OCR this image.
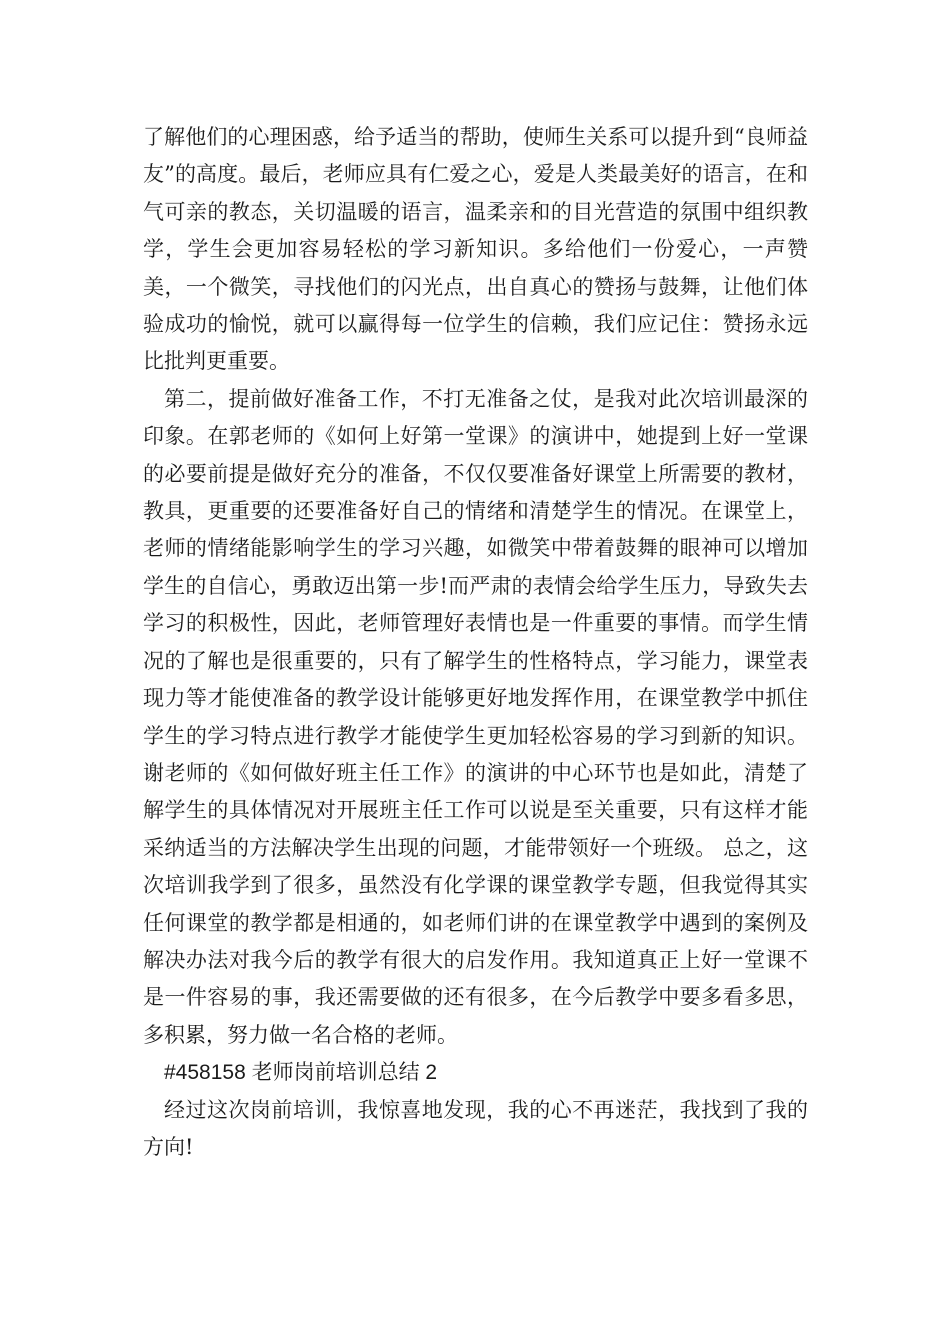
了解他们的心理困惑，给予适当的帮助，使师生关系可以提升到“良师益友”的高度。最后，老师应具有仁爱之心，爱是人类最美好的语言，在和气可亲的教态，关切温暖的语言，温柔亲和的目光营造的氛围中组织教学，学生会更加容易轻松的学习新知识。多给他们一份爱心，一声赞美，一个微笑，寻找他们的闪光点，出自真心的赞扬与鼓舞，让他们体验成功的愉悦，就可以赢得每一位学生的信赖，我们应记住：赞扬永远比批判更重要。

第二，提前做好准备工作，不打无准备之仗，是我对此次培训最深的印象。在郭老师的《如何上好第一堂课》的演讲中，她提到上好一堂课的必要前提是做好充分的准备，不仅仅要准备好课堂上所需要的教材，教具，更重要的还要准备好自己的情绪和清楚学生的情况。在课堂上，老师的情绪能影响学生的学习兴趣，如微笑中带着鼓舞的眼神可以增加学生的自信心，勇敢迈出第一步!而严肃的表情会给学生压力，导致失去学习的积极性，因此，老师管理好表情也是一件重要的事情。而学生情况的了解也是很重要的，只有了解学生的性格特点，学习能力，课堂表现力等才能使准备的教学设计能够更好地发挥作用，在课堂教学中抓住学生的学习特点进行教学才能使学生更加轻松容易的学习到新的知识。谢老师的《如何做好班主任工作》的演讲的中心环节也是如此，清楚了解学生的具体情况对开展班主任工作可以说是至关重要，只有这样才能采纳适当的方法解决学生出现的问题，才能带领好一个班级。 总之，这次培训我学到了很多，虽然没有化学课的课堂教学专题，但我觉得其实任何课堂的教学都是相通的，如老师们讲的在课堂教学中遇到的案例及解决办法对我今后的教学有很大的启发作用。我知道真正上好一堂课不是一件容易的事，我还需要做的还有很多，在今后教学中要多看多思，多积累，努力做一名合格的老师。

#458158 老师岗前培训总结 2

经过这次岗前培训，我惊喜地发现，我的心不再迷茫，我找到了我的方向!
